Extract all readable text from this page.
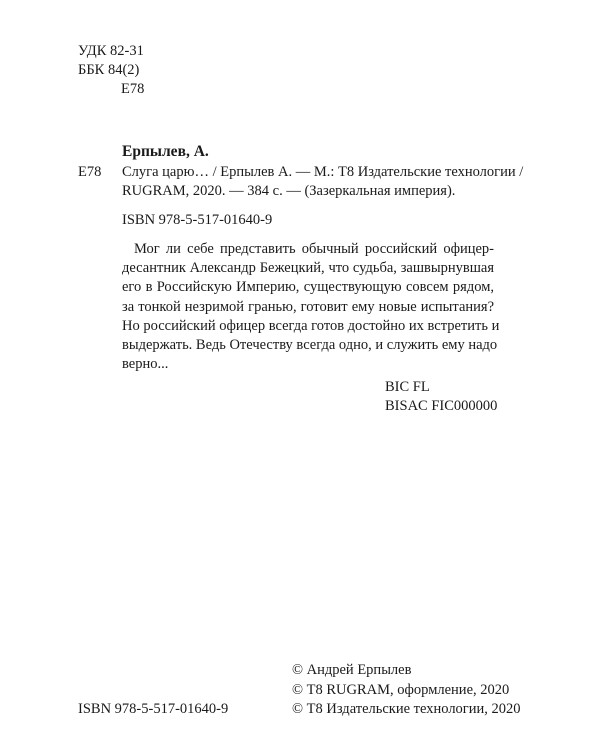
УДК 82-31
ББК 84(2)
Е78
Ерпылев, А.
Е78 Слуга царю… / Ерпылев А. — М.: Т8 Издательские технологии /
RUGRAM, 2020. — 384 с. — (Зазеркальная империя).
ISBN 978-5-517-01640-9
Мог ли себе представить обычный российский офицер-
десантник Александр Бежецкий, что судьба, зашвырнувшая
его в Российскую Империю, существующую совсем рядом,
за тонкой незримой гранью, готовит ему новые испытания?
Но российский офицер всегда готов достойно их встретить и
выдержать. Ведь Отечеству всегда одно, и служить ему надо
верно...
BIC FL
BISAC FIC000000
ISBN 978-5-517-01640-9
© Андрей Ерпылев
© Т8 RUGRAM, оформление, 2020
© Т8 Издательские технологии, 2020
